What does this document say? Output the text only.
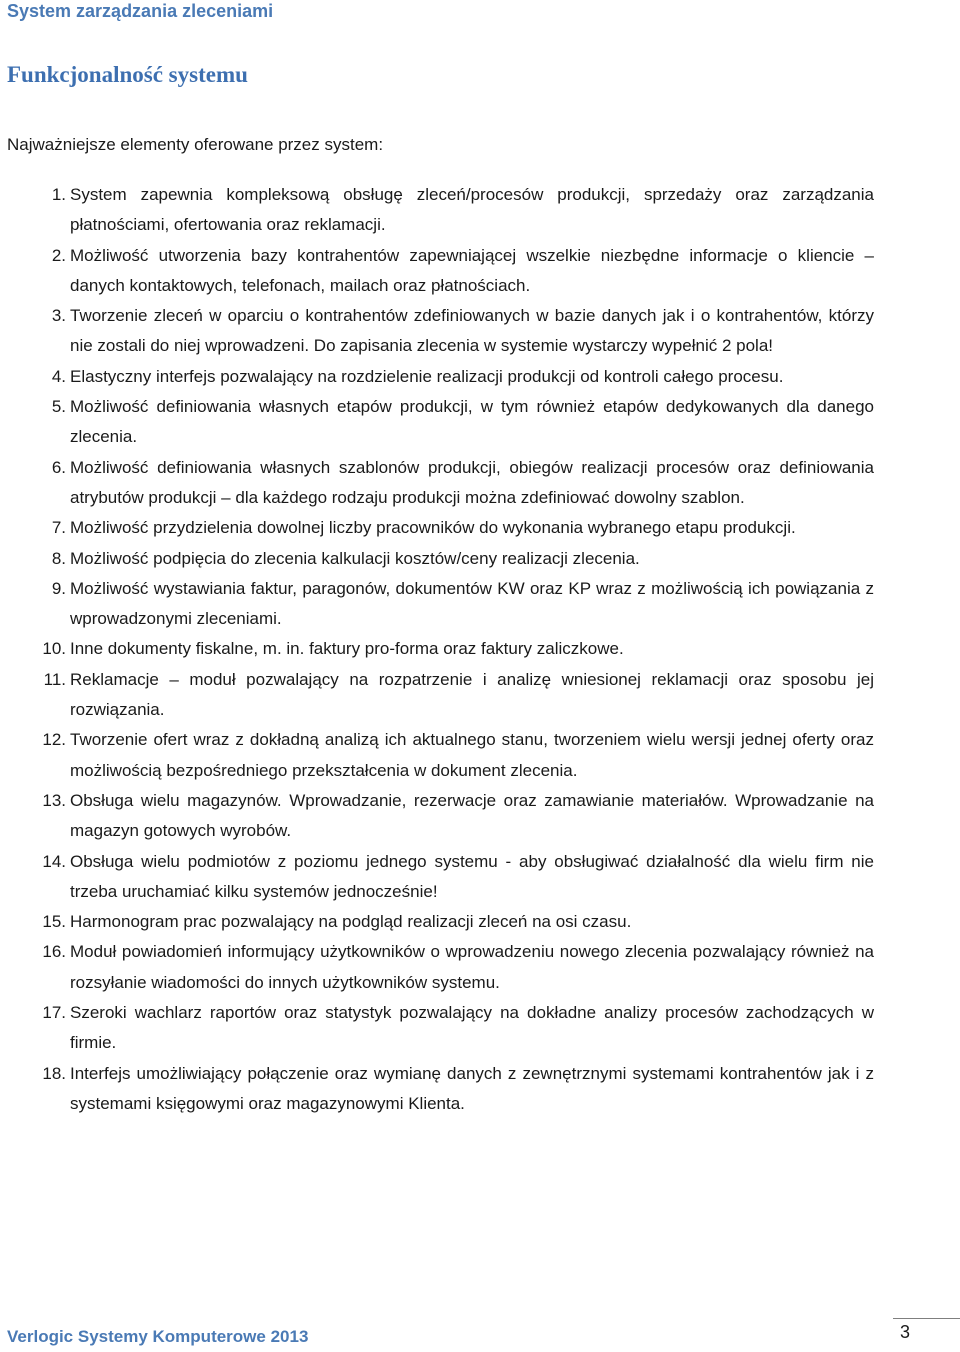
System zarządzania zleceniami
Funkcjonalność systemu
Najważniejsze elementy oferowane przez system:
1. System zapewnia kompleksową obsługę zleceń/procesów produkcji, sprzedaży oraz zarządzania płatnościami, ofertowania oraz reklamacji.
2. Możliwość utworzenia bazy kontrahentów zapewniającej wszelkie niezbędne informacje o kliencie – danych kontaktowych, telefonach, mailach oraz płatnościach.
3. Tworzenie zleceń w oparciu o kontrahentów zdefiniowanych w bazie danych jak i o kontrahentów, którzy nie zostali do niej wprowadzeni. Do zapisania zlecenia w systemie wystarczy wypełnić 2 pola!
4. Elastyczny interfejs pozwalający na rozdzielenie realizacji produkcji od kontroli całego procesu.
5. Możliwość definiowania własnych etapów produkcji, w tym również etapów dedykowanych dla danego zlecenia.
6. Możliwość definiowania własnych szablonów produkcji, obiegów realizacji procesów oraz definiowania atrybutów produkcji – dla każdego rodzaju produkcji można zdefiniować dowolny szablon.
7. Możliwość przydzielenia dowolnej liczby pracowników do wykonania wybranego etapu produkcji.
8. Możliwość podpięcia do zlecenia kalkulacji kosztów/ceny realizacji zlecenia.
9. Możliwość wystawiania faktur, paragonów, dokumentów KW oraz KP wraz z możliwością ich powiązania z wprowadzonymi zleceniami.
10. Inne dokumenty fiskalne, m. in. faktury pro-forma oraz faktury zaliczkowe.
11. Reklamacje – moduł pozwalający na rozpatrzenie i analizę wniesionej reklamacji oraz sposobu jej rozwiązania.
12. Tworzenie ofert wraz z dokładną analizą ich aktualnego stanu, tworzeniem wielu wersji jednej oferty oraz możliwością bezpośredniego przekształcenia w dokument zlecenia.
13. Obsługa wielu magazynów. Wprowadzanie, rezerwacje oraz zamawianie materiałów. Wprowadzanie na magazyn gotowych wyrobów.
14. Obsługa wielu podmiotów z poziomu jednego systemu - aby obsługiwać działalność dla wielu firm nie trzeba uruchamiać kilku systemów jednocześnie!
15. Harmonogram prac pozwalający na podgląd realizacji zleceń na osi czasu.
16. Moduł powiadomień informujący użytkowników o wprowadzeniu nowego zlecenia pozwalający również na rozsyłanie wiadomości do innych użytkowników systemu.
17. Szeroki wachlarz raportów oraz statystyk pozwalający na dokładne analizy procesów zachodzących w firmie.
18. Interfejs umożliwiający połączenie oraz wymianę danych z zewnętrznymi systemami kontrahentów jak i z systemami księgowymi oraz magazynowymi Klienta.
Verlogic Systemy Komputerowe 2013	3
